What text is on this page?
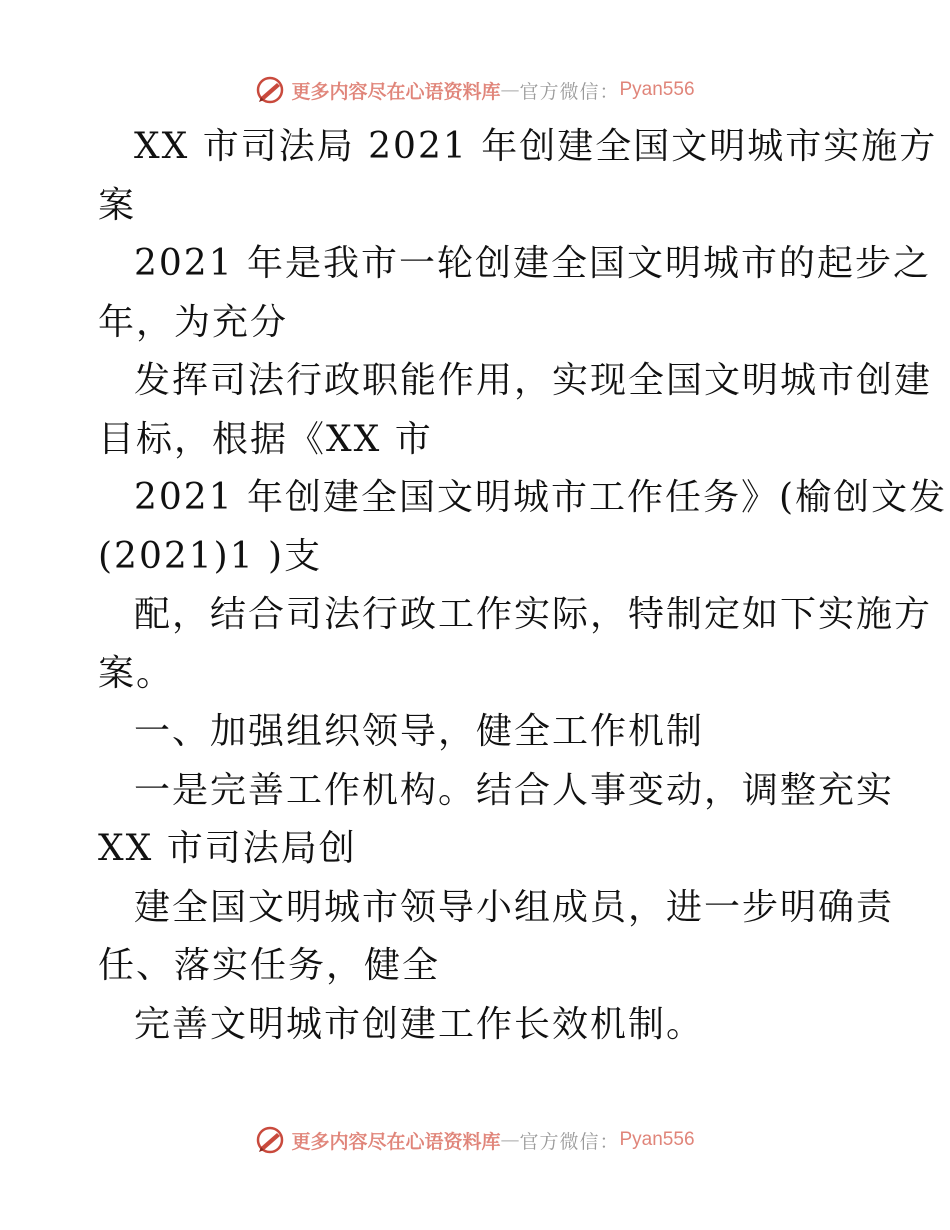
更多内容尽在心语资料库 — 官方微信： Pyan556
XX 市司法局 2021 年创建全国文明城市实施方
案
2021 年是我市一轮创建全国文明城市的起步之
年，为充分
发挥司法行政职能作用，实现全国文明城市创建
目标，根据《XX 市
2021 年创建全国文明城市工作任务》(榆创文发
(2021)1 )支
配，结合司法行政工作实际，特制定如下实施方
案。
一、加强组织领导，健全工作机制
一是完善工作机构。结合人事变动，调整充实
XX 市司法局创
建全国文明城市领导小组成员，进一步明确责
任、落实任务，健全
完善文明城市创建工作长效机制。
更多内容尽在心语资料库 — 官方微信： Pyan556
